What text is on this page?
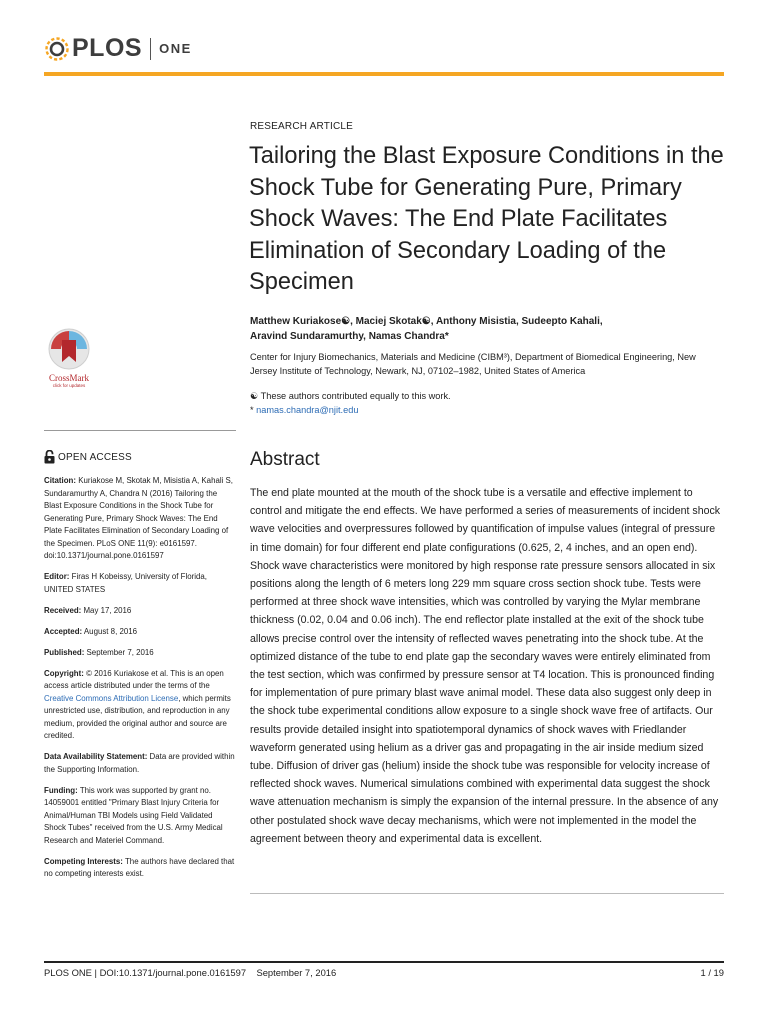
PLOS ONE
RESEARCH ARTICLE
Tailoring the Blast Exposure Conditions in the Shock Tube for Generating Pure, Primary Shock Waves: The End Plate Facilitates Elimination of Secondary Loading of the Specimen
Matthew Kuriakose☯, Maciej Skotak☯, Anthony Misistia, Sudeepto Kahali,
Aravind Sundaramurthy, Namas Chandra*
Center for Injury Biomechanics, Materials and Medicine (CIBM³), Department of Biomedical Engineering, New Jersey Institute of Technology, Newark, NJ, 07102–1982, United States of America
☯ These authors contributed equally to this work.
* namas.chandra@njit.edu
CrossMark
click for updates
OPEN ACCESS

Citation: Kuriakose M, Skotak M, Misistia A, Kahali S, Sundaramurthy A, Chandra N (2016) Tailoring the Blast Exposure Conditions in the Shock Tube for Generating Pure, Primary Shock Waves: The End Plate Facilitates Elimination of Secondary Loading of the Specimen. PLoS ONE 11(9): e0161597. doi:10.1371/journal.pone.0161597

Editor: Firas H Kobeissy, University of Florida, UNITED STATES

Received: May 17, 2016

Accepted: August 8, 2016

Published: September 7, 2016

Copyright: © 2016 Kuriakose et al. This is an open access article distributed under the terms of the Creative Commons Attribution License, which permits unrestricted use, distribution, and reproduction in any medium, provided the original author and source are credited.

Data Availability Statement: Data are provided within the Supporting Information.

Funding: This work was supported by grant no. 14059001 entitled "Primary Blast Injury Criteria for Animal/Human TBI Models using Field Validated Shock Tubes" received from the U.S. Army Medical Research and Materiel Command.

Competing Interests: The authors have declared that no competing interests exist.

Abstract
The end plate mounted at the mouth of the shock tube is a versatile and effective implement to control and mitigate the end effects. We have performed a series of measurements of incident shock wave velocities and overpressures followed by quantification of impulse values (integral of pressure in time domain) for four different end plate configurations (0.625, 2, 4 inches, and an open end). Shock wave characteristics were monitored by high response rate pressure sensors allocated in six positions along the length of 6 meters long 229 mm square cross section shock tube. Tests were performed at three shock wave intensities, which was controlled by varying the Mylar membrane thickness (0.02, 0.04 and 0.06 inch). The end reflector plate installed at the exit of the shock tube allows precise control over the intensity of reflected waves penetrating into the shock tube. At the optimized distance of the tube to end plate gap the secondary waves were entirely eliminated from the test section, which was confirmed by pressure sensor at T4 location. This is pronounced finding for implementation of pure primary blast wave animal model. These data also suggest only deep in the shock tube experimental conditions allow exposure to a single shock wave free of artifacts. Our results provide detailed insight into spatiotemporal dynamics of shock waves with Friedlander waveform generated using helium as a driver gas and propagating in the air inside medium sized tube. Diffusion of driver gas (helium) inside the shock tube was responsible for velocity increase of reflected shock waves. Numerical simulations combined with experimental data suggest the shock wave attenuation mechanism is simply the expansion of the internal pressure. In the absence of any other postulated shock wave decay mechanisms, which were not implemented in the model the agreement between theory and experimental data is excellent.
PLOS ONE | DOI:10.1371/journal.pone.0161597    September 7, 2016	1 / 19
